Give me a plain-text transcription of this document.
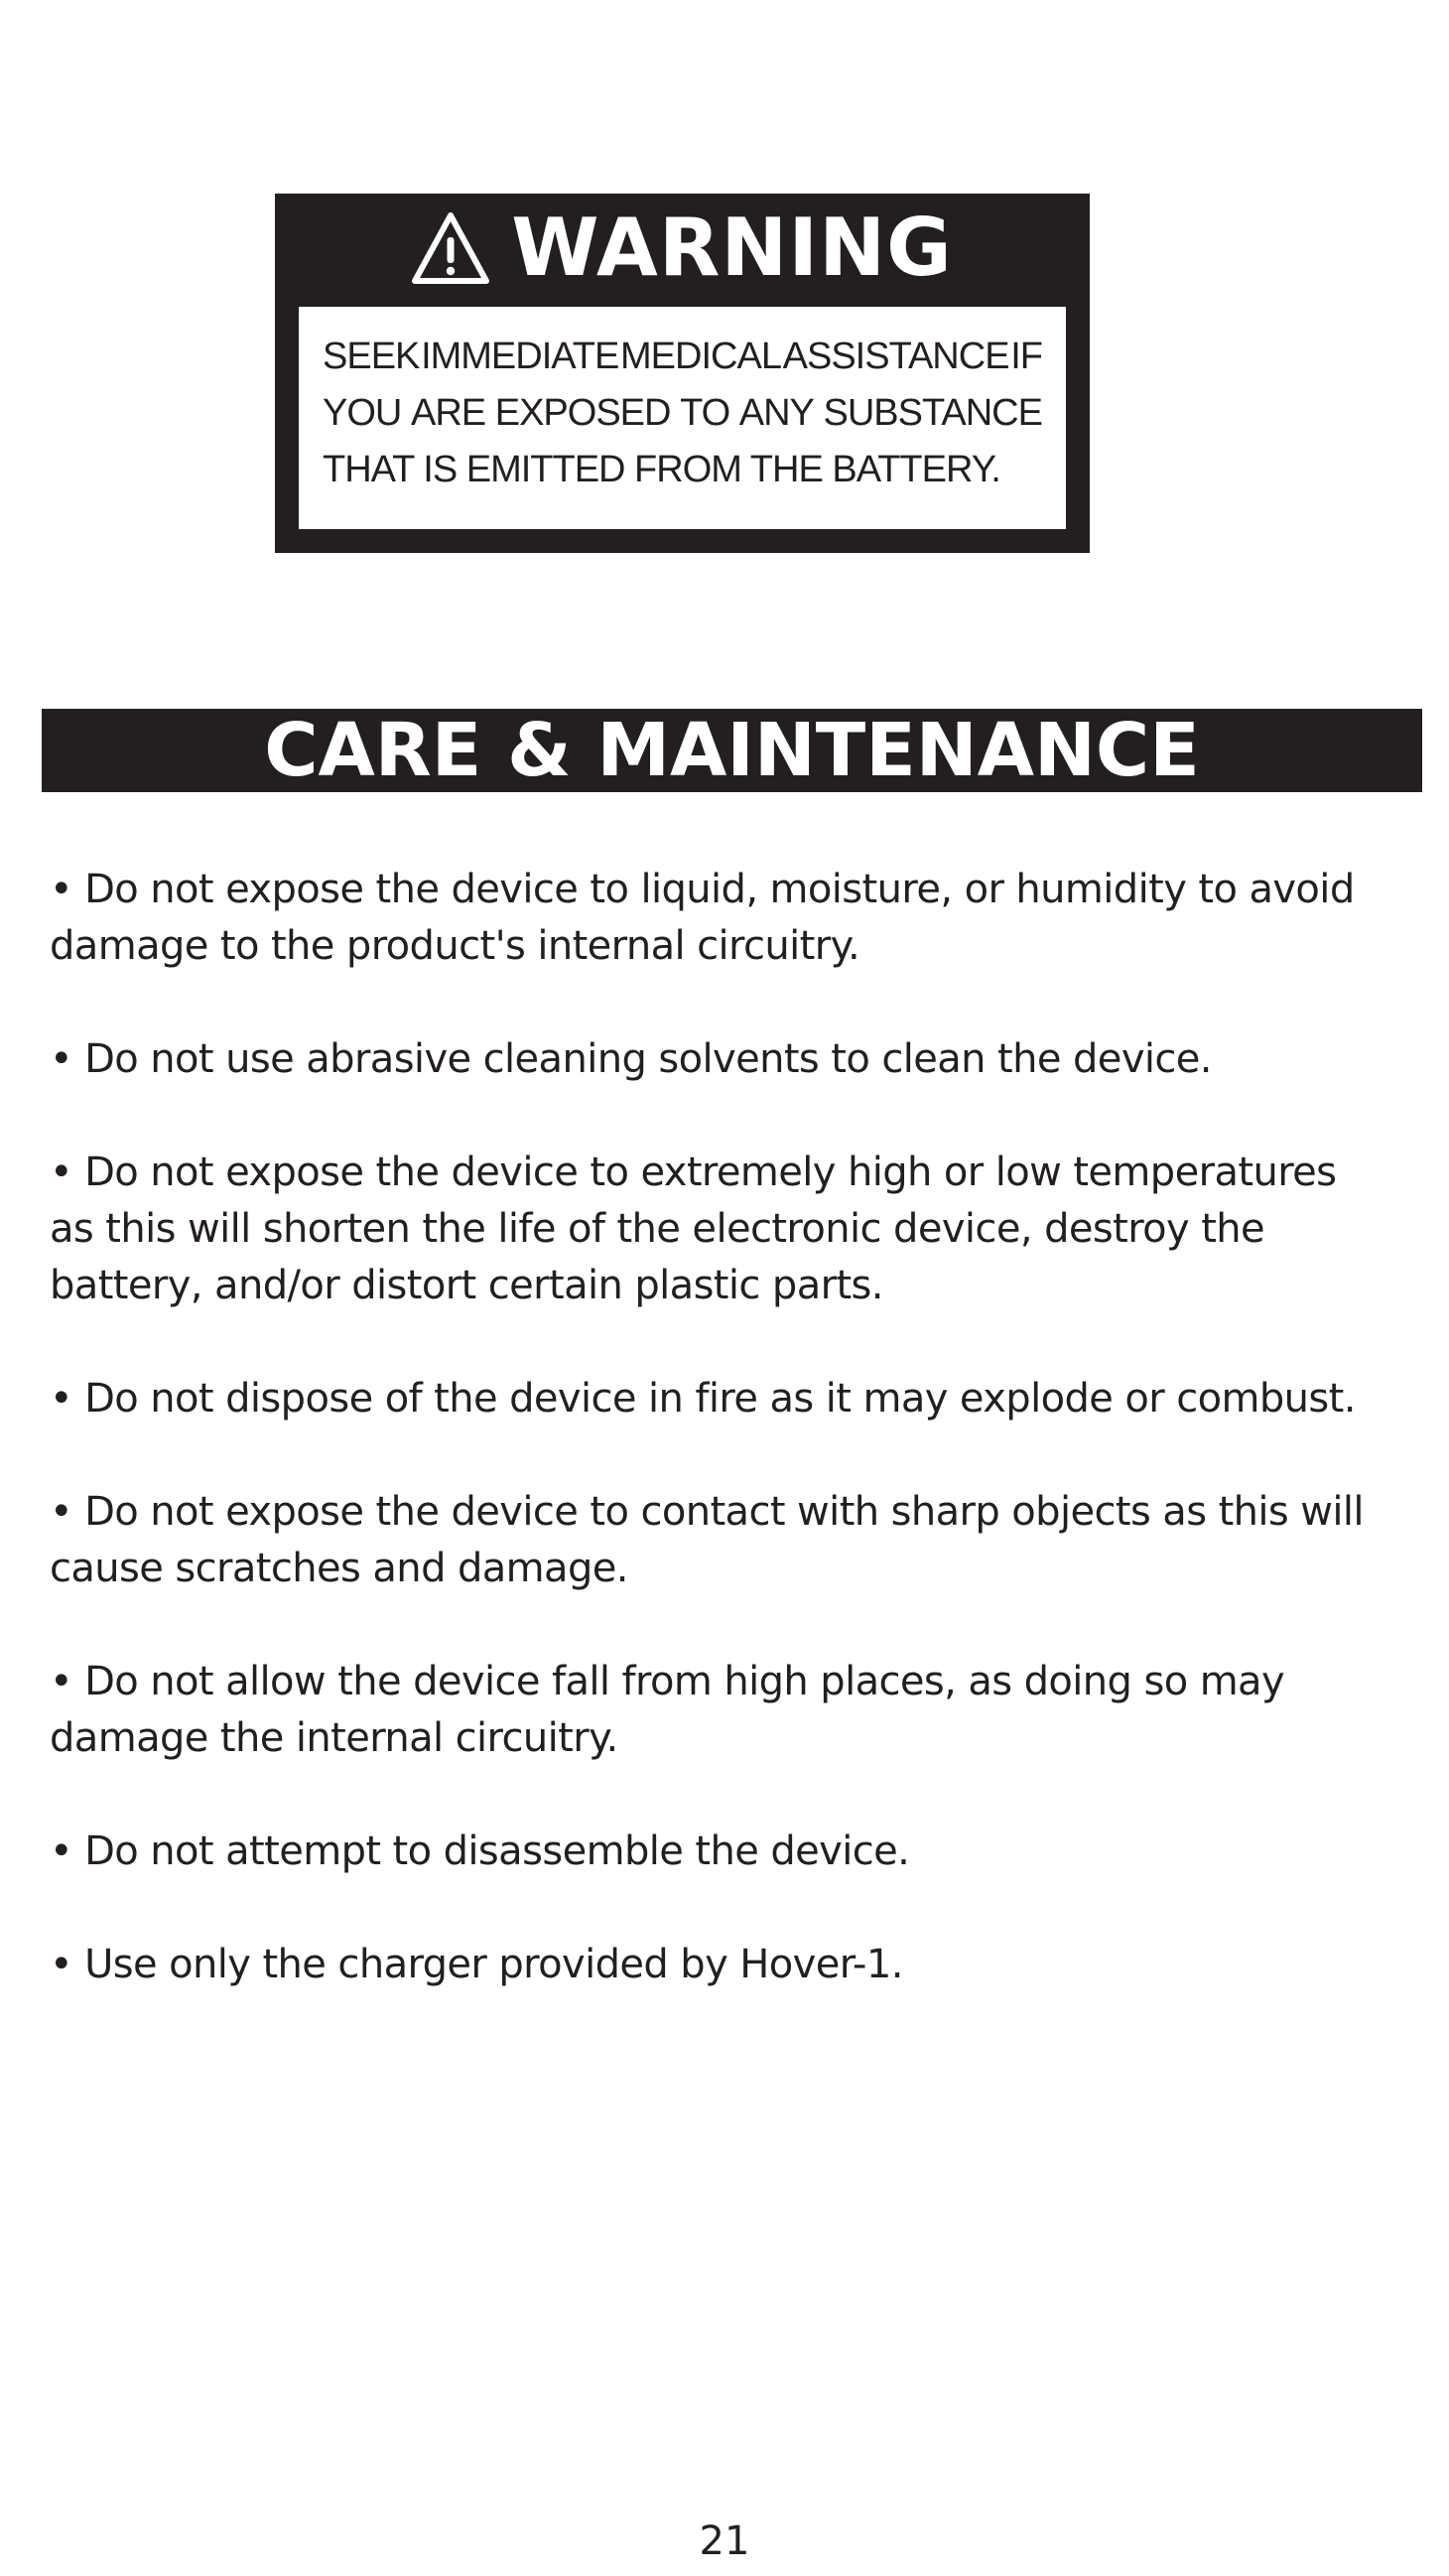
WARNING
SEEK IMMEDIATE MEDICAL ASSISTANCE IF
YOU ARE EXPOSED TO ANY SUBSTANCE
THAT IS EMITTED FROM THE BATTERY.
CARE & MAINTENANCE
• Do not expose the device to liquid, moisture, or humidity to avoid
damage to the product's internal circuitry.
• Do not use abrasive cleaning solvents to clean the device.
• Do not expose the device to extremely high or low temperatures
as this will shorten the life of the electronic device, destroy the
battery, and/or distort certain plastic parts.
• Do not dispose of the device in fire as it may explode or combust.
• Do not expose the device to contact with sharp objects as this will
cause scratches and damage.
• Do not allow the device fall from high places, as doing so may
damage the internal circuitry.
• Do not attempt to disassemble the device.
• Use only the charger provided by Hover-1.
21
